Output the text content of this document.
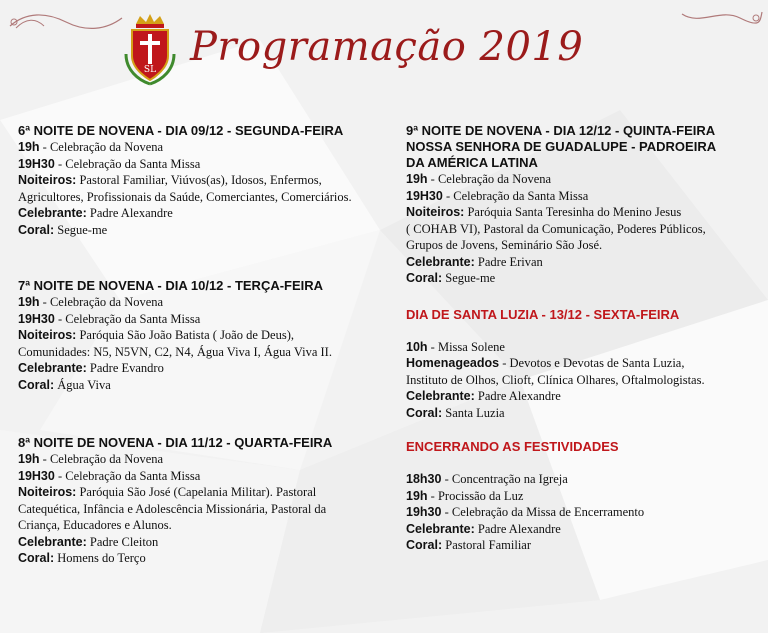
SL Programação 2019
6ª NOITE DE NOVENA - DIA 09/12 - SEGUNDA-FEIRA
19h - Celebração da Novena
19H30 - Celebração da Santa Missa
Noiteiros: Pastoral Familiar, Viúvos(as), Idosos, Enfermos,
Agricultores, Profissionais da Saúde, Comerciantes, Comerciários.
Celebrante: Padre Alexandre
Coral: Segue-me
7ª NOITE DE NOVENA - DIA 10/12 - TERÇA-FEIRA
19h - Celebração da Novena
19H30 - Celebração da Santa Missa
Noiteiros: Paróquia São João Batista ( João de Deus),
Comunidades: N5, N5VN, C2, N4, Água Viva I, Água Viva II.
Celebrante: Padre Evandro
Coral: Água Viva
8ª NOITE DE NOVENA - DIA 11/12 - QUARTA-FEIRA
19h - Celebração da Novena
19H30 - Celebração da Santa Missa
Noiteiros: Paróquia São José (Capelania Militar). Pastoral
Catequética, Infância e Adolescência Missionária, Pastoral da
Criança, Educadores e Alunos.
Celebrante: Padre Cleiton
Coral: Homens do Terço
9ª NOITE DE NOVENA - DIA 12/12 - QUINTA-FEIRA
NOSSA SENHORA DE GUADALUPE - PADROEIRA
DA AMÉRICA LATINA
19h - Celebração da Novena
19H30 - Celebração da Santa Missa
Noiteiros: Paróquia Santa Teresinha do Menino Jesus
( COHAB VI), Pastoral da Comunicação, Poderes Públicos,
Grupos de Jovens, Seminário São José.
Celebrante: Padre Erivan
Coral: Segue-me
DIA DE SANTA LUZIA - 13/12 - SEXTA-FEIRA
10h - Missa Solene
Homenageados - Devotos e Devotas de Santa Luzia,
Instituto de Olhos, Clioft, Clínica Olhares, Oftalmologistas.
Celebrante: Padre Alexandre
Coral: Santa Luzia
ENCERRANDO AS FESTIVIDADES
18h30 - Concentração na Igreja
19h - Procissão da Luz
19h30 - Celebração da Missa de Encerramento
Celebrante: Padre Alexandre
Coral: Pastoral Familiar
